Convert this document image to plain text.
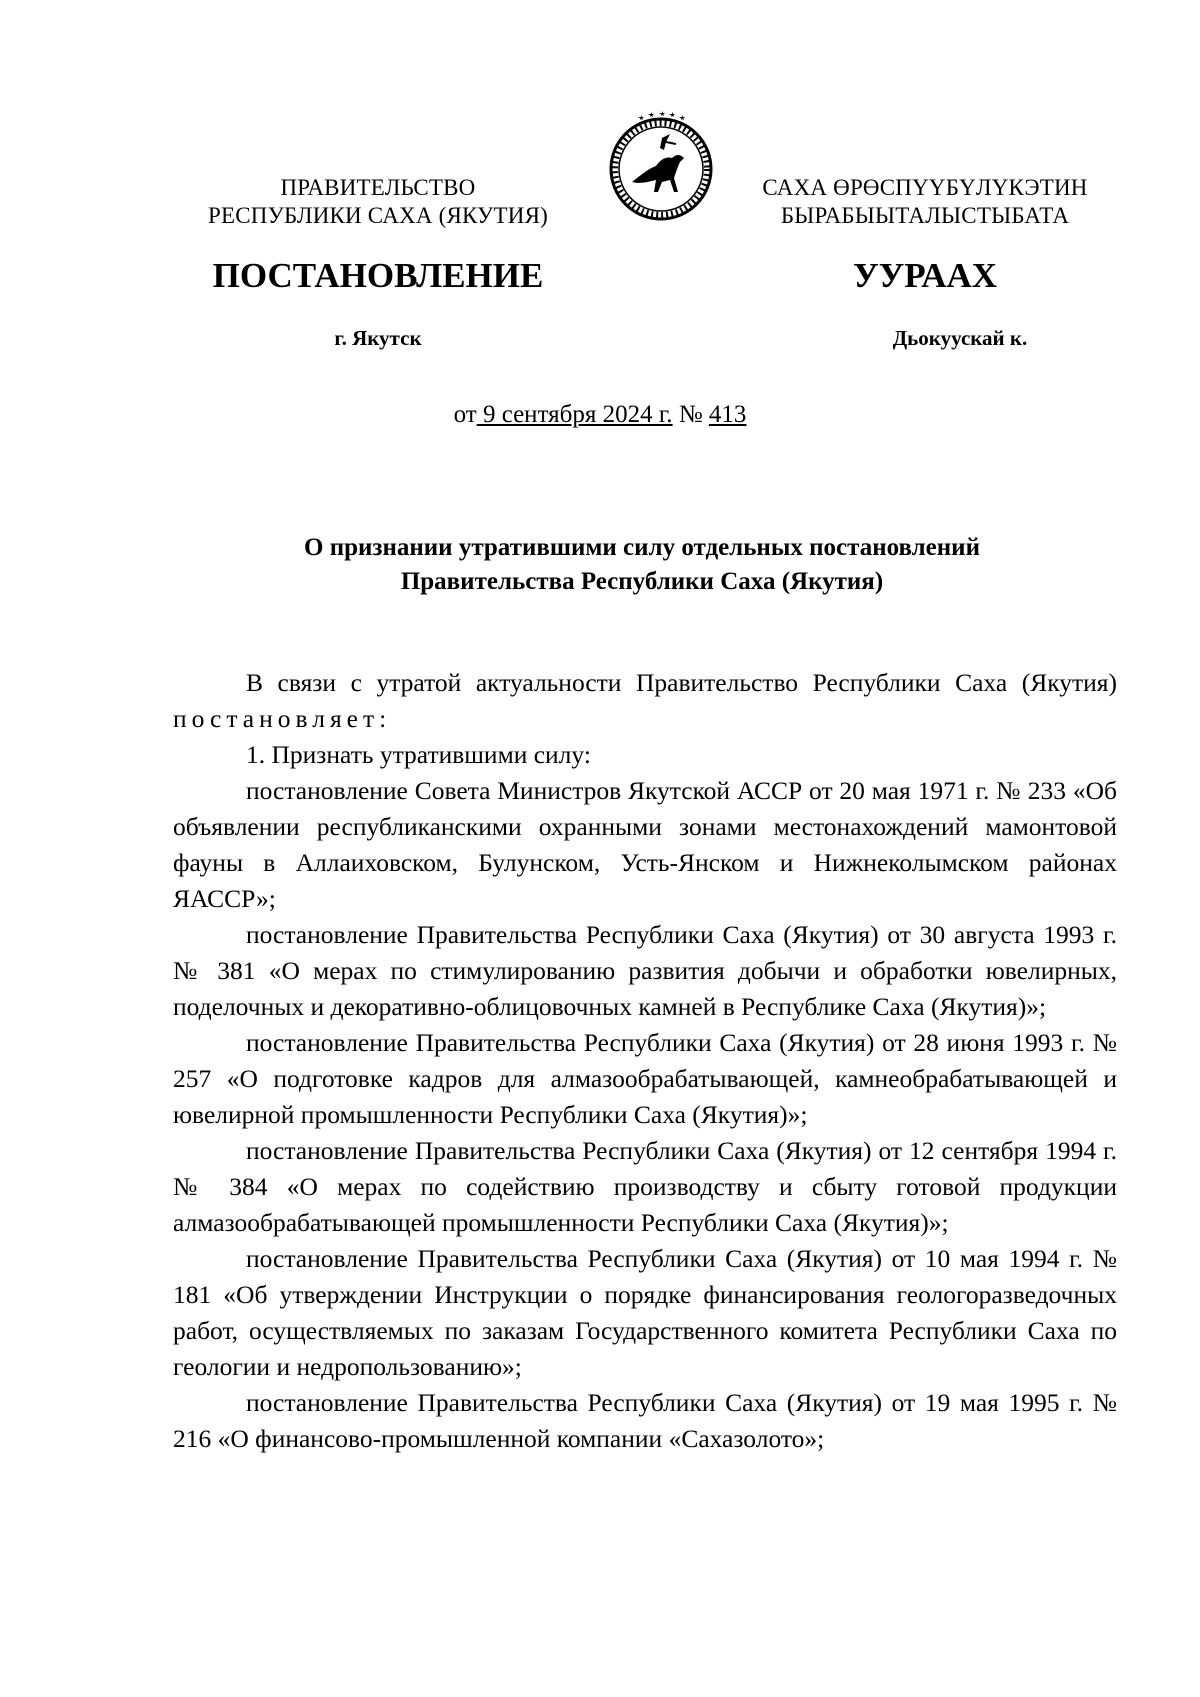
ПРАВИТЕЛЬСТВО
РЕСПУБЛИКИ САХА (ЯКУТИЯ)
САХА ӨРӨСПҮҮБҮЛҮКЭТИН
БЫРАБЫЫТАЛЫСТЫБАТА
ПОСТАНОВЛЕНИЕ	УУРААХ
г. Якутск	Дьокуускай к.
от 9 сентября 2024 г. № 413
О признании утратившими силу отдельных постановлений
Правительства Республики Саха (Якутия)

В связи с утратой актуальности Правительство Республики Саха (Якутия) постановляет:

1. Признать утратившими силу:

постановление Совета Министров Якутской АССР от 20 мая 1971 г. № 233 «Об объявлении республиканскими охранными зонами местонахождений мамонтовой фауны в Аллаиховском, Булунском, Усть-Янском и Нижнеколымском районах ЯАССР»;

постановление Правительства Республики Саха (Якутия) от 30 августа 1993 г. № 381 «О мерах по стимулированию развития добычи и обработки ювелирных, поделочных и декоративно-облицовочных камней в Республике Саха (Якутия)»;

постановление Правительства Республики Саха (Якутия) от 28 июня 1993 г. № 257 «О подготовке кадров для алмазообрабатывающей, камнеобрабатывающей и ювелирной промышленности Республики Саха (Якутия)»;

постановление Правительства Республики Саха (Якутия) от 12 сентября 1994 г. № 384 «О мерах по содействию производству и сбыту готовой продукции алмазообрабатывающей промышленности Республики Саха (Якутия)»;

постановление Правительства Республики Саха (Якутия) от 10 мая 1994 г. № 181 «Об утверждении Инструкции о порядке финансирования геологоразведочных работ, осуществляемых по заказам Государственного комитета Республики Саха по геологии и недропользованию»;

постановление Правительства Республики Саха (Якутия) от 19 мая 1995 г. № 216 «О финансово-промышленной компании «Сахазолото»;
